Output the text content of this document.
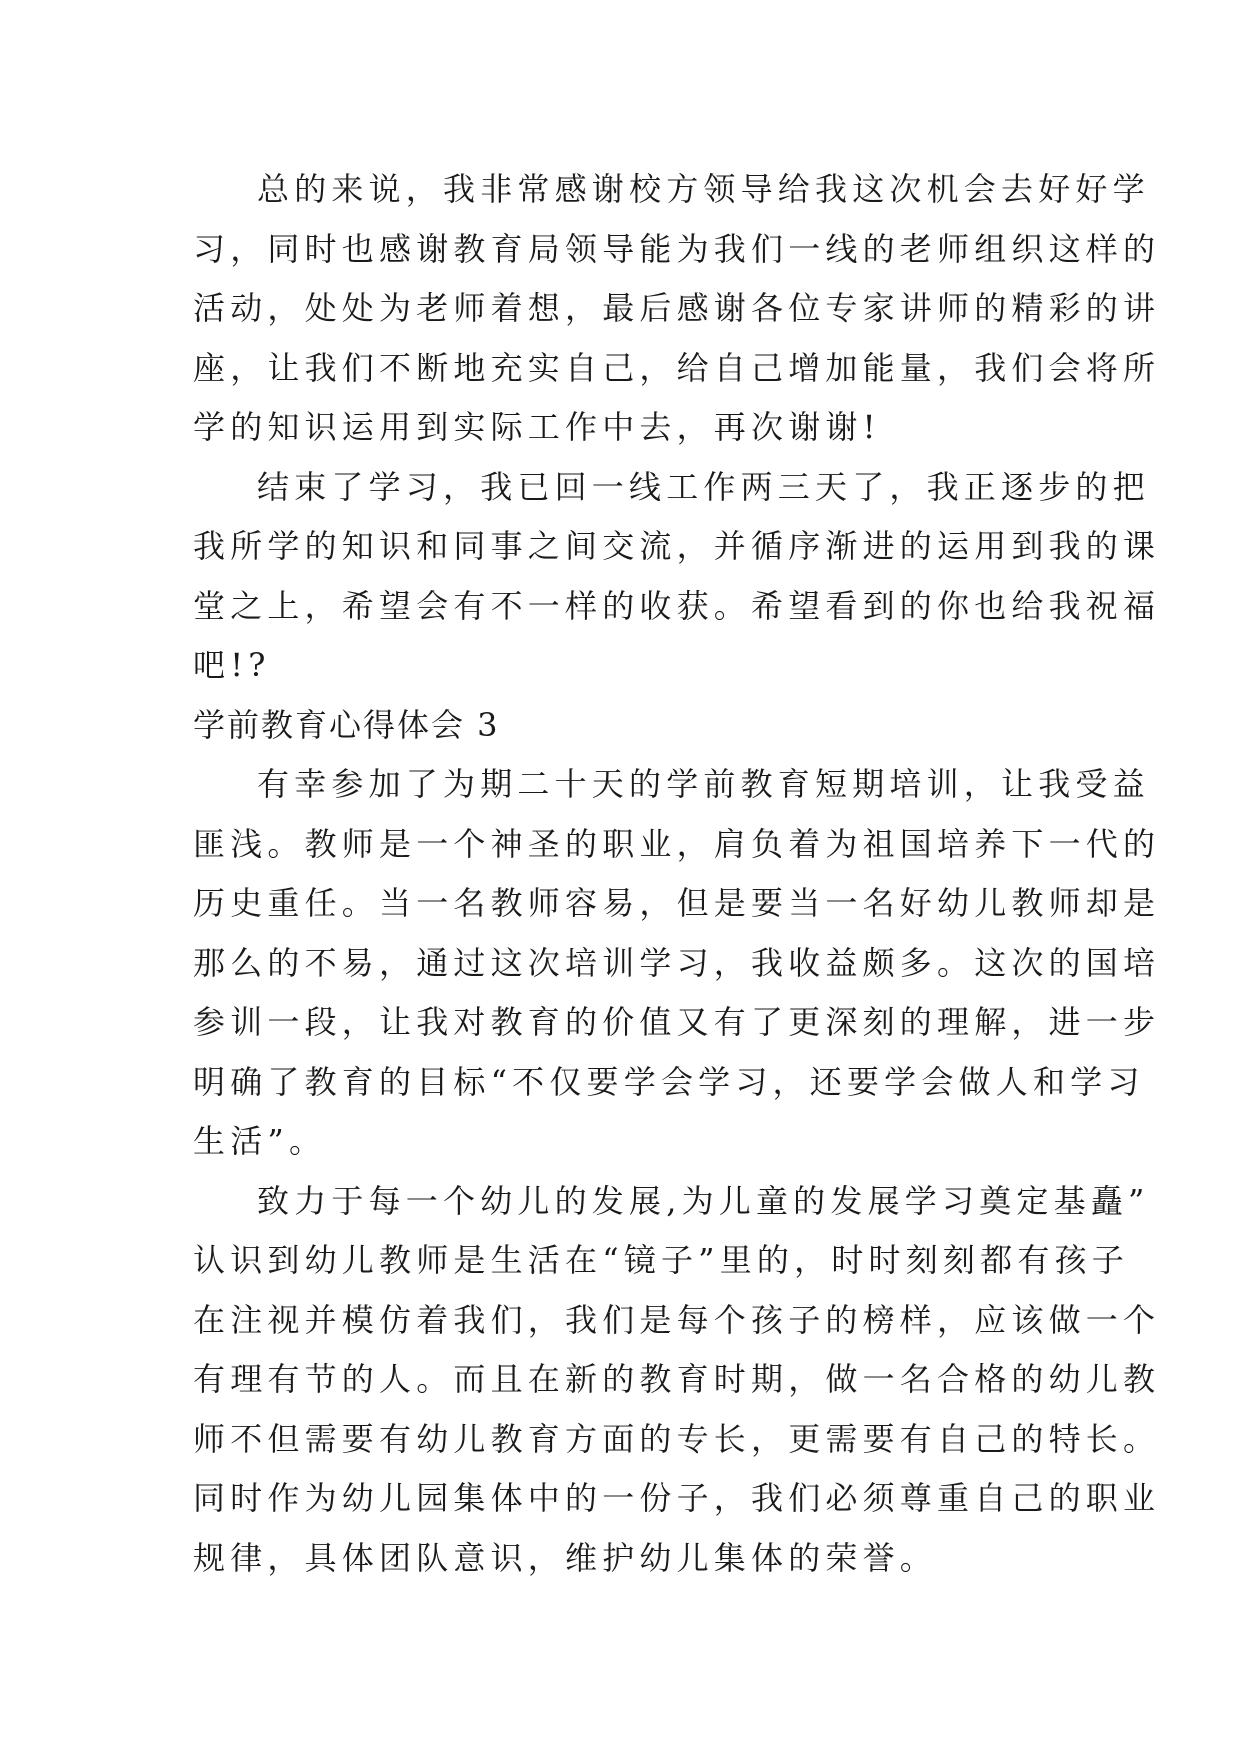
总的来说，我非常感谢校方领导给我这次机会去好好学
习，同时也感谢教育局领导能为我们一线的老师组织这样的
活动，处处为老师着想，最后感谢各位专家讲师的精彩的讲
座，让我们不断地充实自己，给自己增加能量，我们会将所
学的知识运用到实际工作中去，再次谢谢!
结束了学习，我已回一线工作两三天了，我正逐步的把
我所学的知识和同事之间交流，并循序渐进的运用到我的课
堂之上，希望会有不一样的收获。希望看到的你也给我祝福
吧!?
学前教育心得体会 3
有幸参加了为期二十天的学前教育短期培训，让我受益
匪浅。教师是一个神圣的职业，肩负着为祖国培养下一代的
历史重任。当一名教师容易，但是要当一名好幼儿教师却是
那么的不易，通过这次培训学习，我收益颇多。这次的国培
参训一段，让我对教育的价值又有了更深刻的理解，进一步
明确了教育的目标“不仅要学会学习，还要学会做人和学习
生活”。
致力于每一个幼儿的发展,为儿童的发展学习奠定基矗”
认识到幼儿教师是生活在“镜子”里的，时时刻刻都有孩子
在注视并模仿着我们，我们是每个孩子的榜样，应该做一个
有理有节的人。而且在新的教育时期，做一名合格的幼儿教
师不但需要有幼儿教育方面的专长，更需要有自己的特长。
同时作为幼儿园集体中的一份子，我们必须尊重自己的职业
规律，具体团队意识，维护幼儿集体的荣誉。
